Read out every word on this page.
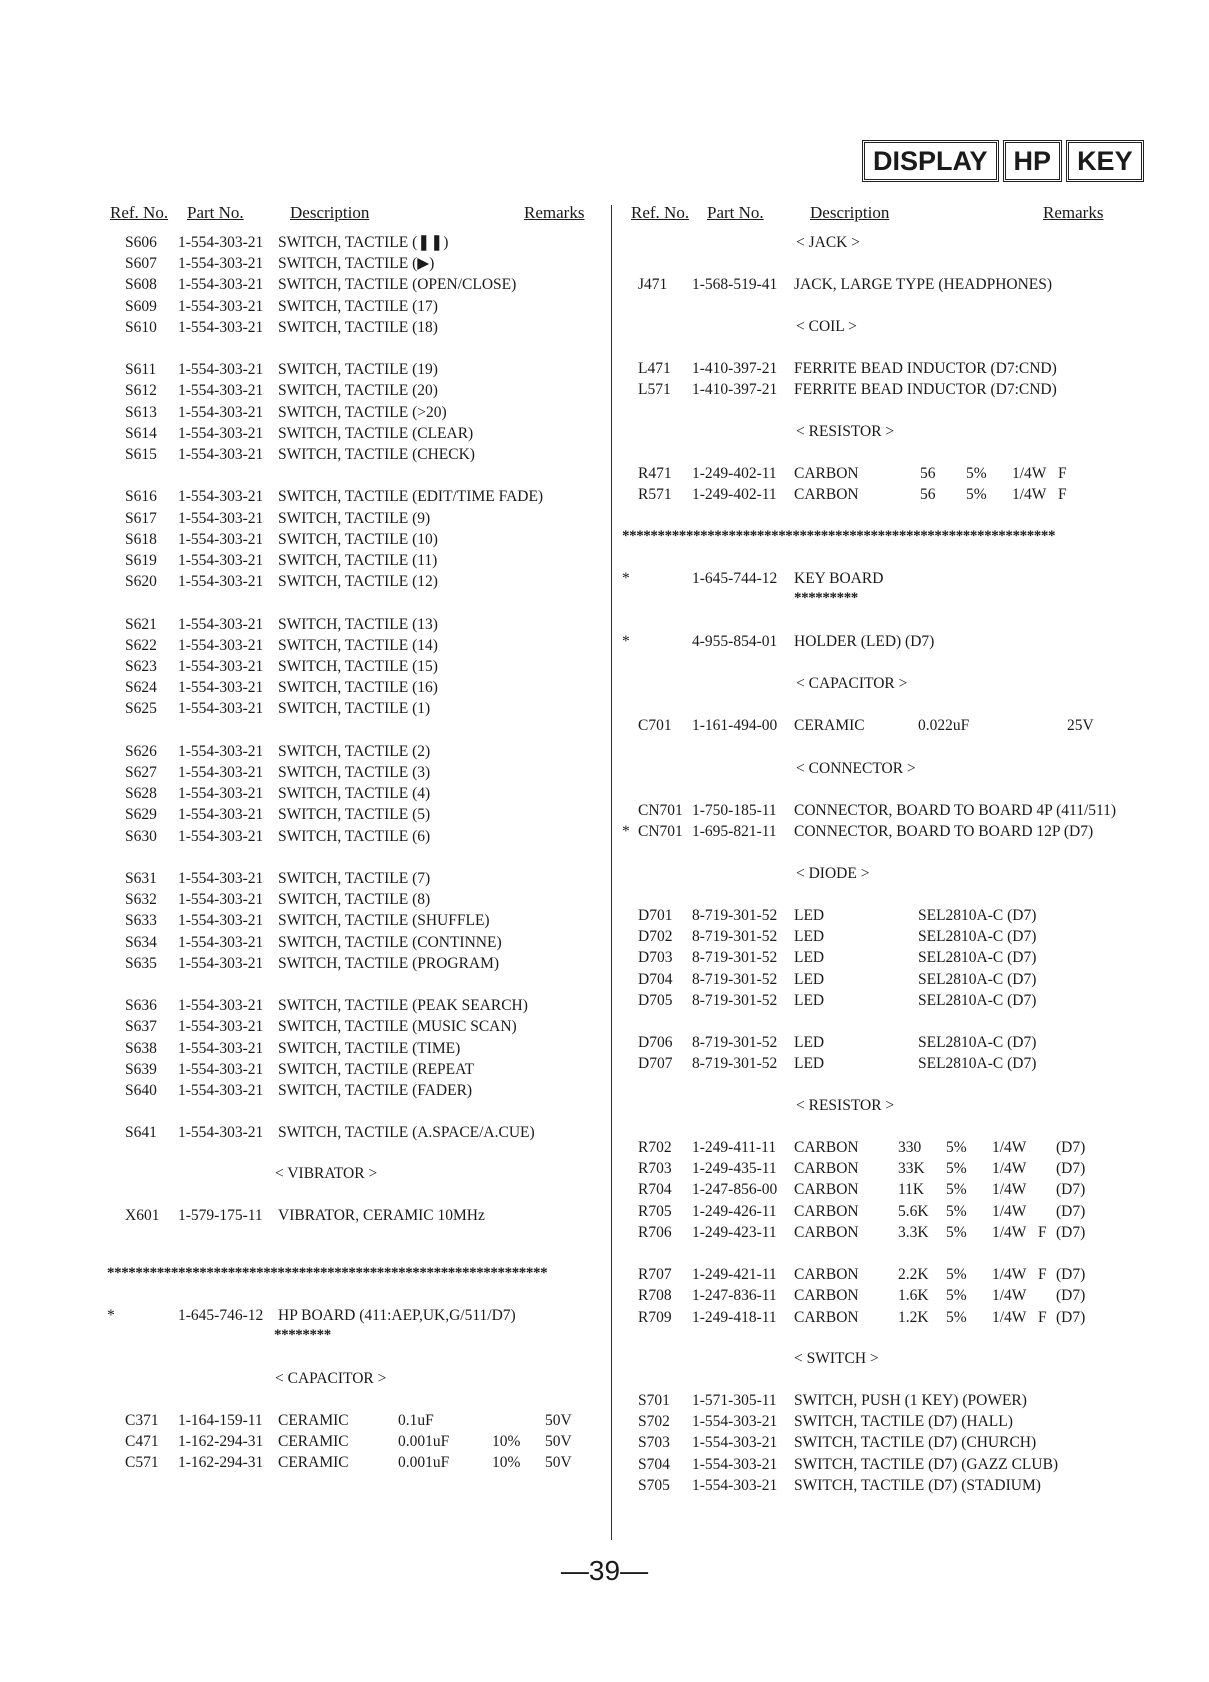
DISPLAY HP KEY
Ref. No. Part No.	Description	Remarks	Ref. No. Part No.	Description	Remarks
S606 1-554-303-21 SWITCH, TACTILE (❚❚)
S607 1-554-303-21 SWITCH, TACTILE (▶)
S608 1-554-303-21 SWITCH, TACTILE (OPEN/CLOSE)
S609 1-554-303-21 SWITCH, TACTILE (17)
S610 1-554-303-21 SWITCH, TACTILE (18)
S611 1-554-303-21 SWITCH, TACTILE (19)
S612 1-554-303-21 SWITCH, TACTILE (20)
S613 1-554-303-21 SWITCH, TACTILE (>20)
S614 1-554-303-21 SWITCH, TACTILE (CLEAR)
S615 1-554-303-21 SWITCH, TACTILE (CHECK)
S616 1-554-303-21 SWITCH, TACTILE (EDIT/TIME FADE)
S617 1-554-303-21 SWITCH, TACTILE (9)
S618 1-554-303-21 SWITCH, TACTILE (10)
S619 1-554-303-21 SWITCH, TACTILE (11)
S620 1-554-303-21 SWITCH, TACTILE (12)
S621 1-554-303-21 SWITCH, TACTILE (13)
S622 1-554-303-21 SWITCH, TACTILE (14)
S623 1-554-303-21 SWITCH, TACTILE (15)
S624 1-554-303-21 SWITCH, TACTILE (16)
S625 1-554-303-21 SWITCH, TACTILE (1)
S626 1-554-303-21 SWITCH, TACTILE (2)
S627 1-554-303-21 SWITCH, TACTILE (3)
S628 1-554-303-21 SWITCH, TACTILE (4)
S629 1-554-303-21 SWITCH, TACTILE (5)
S630 1-554-303-21 SWITCH, TACTILE (6)
S631 1-554-303-21 SWITCH, TACTILE (7)
S632 1-554-303-21 SWITCH, TACTILE (8)
S633 1-554-303-21 SWITCH, TACTILE (SHUFFLE)
S634 1-554-303-21 SWITCH, TACTILE (CONTINNE)
S635 1-554-303-21 SWITCH, TACTILE (PROGRAM)
S636 1-554-303-21 SWITCH, TACTILE (PEAK SEARCH)
S637 1-554-303-21 SWITCH, TACTILE (MUSIC SCAN)
S638 1-554-303-21 SWITCH, TACTILE (TIME)
S639 1-554-303-21 SWITCH, TACTILE (REPEAT
S640 1-554-303-21 SWITCH, TACTILE (FADER)
S641 1-554-303-21 SWITCH, TACTILE (A.SPACE/A.CUE)
< VIBRATOR >
X601 1-579-175-11 VIBRATOR, CERAMIC 10MHz
**************************************************************
*	1-645-746-12 HP BOARD (411:AEP,UK,G/511/D7)
********
< CAPACITOR >
C371 1-164-159-11 CERAMIC	0.1uF	50V
C471 1-162-294-31 CERAMIC	0.001uF	10% 50V
C571 1-162-294-31 CERAMIC	0.001uF	10% 50V
< JACK >
J471 1-568-519-41 JACK, LARGE TYPE (HEADPHONES)
< COIL >
L471 1-410-397-21 FERRITE BEAD INDUCTOR (D7:CND)
L571 1-410-397-21 FERRITE BEAD INDUCTOR (D7:CND)
< RESISTOR >
R471 1-249-402-11 CARBON	56 5% 1/4W F
R571 1-249-402-11 CARBON	56 5% 1/4W F
*************************************************************
*	1-645-744-12 KEY BOARD
*********
*	4-955-854-01 HOLDER (LED) (D7)
< CAPACITOR >
C701 1-161-494-00 CERAMIC	0.022uF	25V
< CONNECTOR >
CN701 1-750-185-11 CONNECTOR, BOARD TO BOARD 4P (411/511)
* CN701 1-695-821-11 CONNECTOR, BOARD TO BOARD 12P (D7)
< DIODE >
D701 8-719-301-52 LED	SEL2810A-C (D7)
D702 8-719-301-52 LED	SEL2810A-C (D7)
D703 8-719-301-52 LED	SEL2810A-C (D7)
D704 8-719-301-52 LED	SEL2810A-C (D7)
D705 8-719-301-52 LED	SEL2810A-C (D7)
D706 8-719-301-52 LED	SEL2810A-C (D7)
D707 8-719-301-52 LED	SEL2810A-C (D7)
< RESISTOR >
R702 1-249-411-11 CARBON	330 5% 1/4W (D7)
R703 1-249-435-11 CARBON	33K 5% 1/4W (D7)
R704 1-247-856-00 CARBON	11K 5% 1/4W (D7)
R705 1-249-426-11 CARBON	5.6K 5% 1/4W (D7)
R706 1-249-423-11 CARBON	3.3K 5% 1/4W F (D7)
R707 1-249-421-11 CARBON	2.2K 5% 1/4W F (D7)
R708 1-247-836-11 CARBON	1.6K 5% 1/4W (D7)
R709 1-249-418-11 CARBON	1.2K 5% 1/4W F (D7)
< SWITCH >
S701 1-571-305-11 SWITCH, PUSH (1 KEY) (POWER)
S702 1-554-303-21 SWITCH, TACTILE (D7) (HALL)
S703 1-554-303-21 SWITCH, TACTILE (D7) (CHURCH)
S704 1-554-303-21 SWITCH, TACTILE (D7) (GAZZ CLUB)
S705 1-554-303-21 SWITCH, TACTILE (D7) (STADIUM)
—39—
